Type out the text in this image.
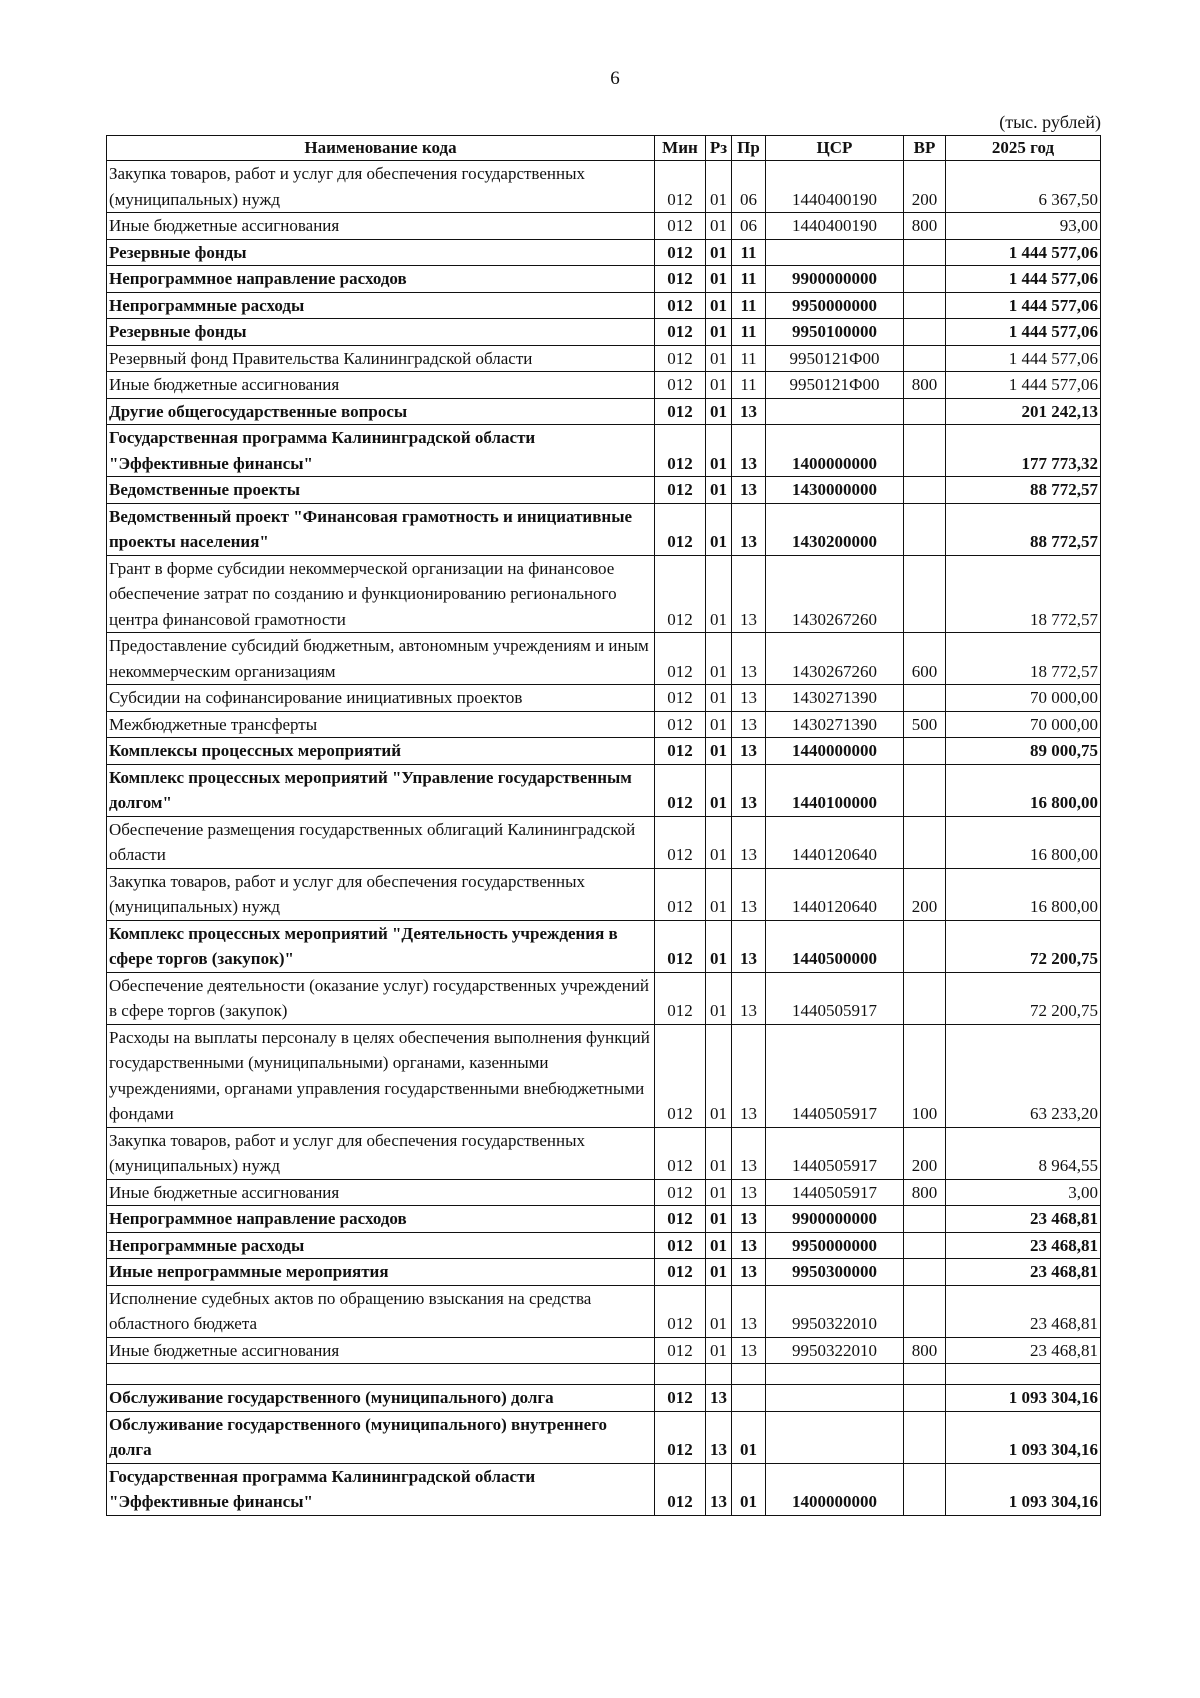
6
(тыс. рублей)
Наименование кода	Мин	Рз	Пр	ЦСР	ВР	2025 год
Закупка товаров, работ и услуг для обеспечения государственных (муниципальных) нужд	012	01	06	1440400190	200	6 367,50
Иные бюджетные ассигнования	012	01	06	1440400190	800	93,00
Резервные фонды	012	01	11			1 444 577,06
Непрограммное направление расходов	012	01	11	9900000000		1 444 577,06
Непрограммные расходы	012	01	11	9950000000		1 444 577,06
Резервные фонды	012	01	11	9950100000		1 444 577,06
Резервный фонд Правительства Калининградской области	012	01	11	9950121Ф00		1 444 577,06
Иные бюджетные ассигнования	012	01	11	9950121Ф00	800	1 444 577,06
Другие общегосударственные вопросы	012	01	13			201 242,13
Государственная программа Калининградской области "Эффективные финансы"	012	01	13	1400000000		177 773,32
Ведомственные проекты	012	01	13	1430000000		88 772,57
Ведомственный проект "Финансовая грамотность и инициативные проекты населения"	012	01	13	1430200000		88 772,57
Грант в форме субсидии некоммерческой организации на финансовое обеспечение затрат по созданию и функционированию регионального центра финансовой грамотности	012	01	13	1430267260		18 772,57
Предоставление субсидий бюджетным, автономным учреждениям и иным некоммерческим организациям	012	01	13	1430267260	600	18 772,57
Субсидии на софинансирование инициативных проектов	012	01	13	1430271390		70 000,00
Межбюджетные трансферты	012	01	13	1430271390	500	70 000,00
Комплексы процессных мероприятий	012	01	13	1440000000		89 000,75
Комплекс процессных мероприятий "Управление государственным долгом"	012	01	13	1440100000		16 800,00
Обеспечение размещения государственных облигаций Калининградской области	012	01	13	1440120640		16 800,00
Закупка товаров, работ и услуг для обеспечения государственных (муниципальных) нужд	012	01	13	1440120640	200	16 800,00
Комплекс процессных мероприятий "Деятельность учреждения в сфере торгов (закупок)"	012	01	13	1440500000		72 200,75
Обеспечение деятельности (оказание услуг) государственных учреждений в сфере торгов (закупок)	012	01	13	1440505917		72 200,75
Расходы на выплаты персоналу в целях обеспечения выполнения функций государственными (муниципальными) органами, казенными учреждениями, органами управления государственными внебюджетными фондами	012	01	13	1440505917	100	63 233,20
Закупка товаров, работ и услуг для обеспечения государственных (муниципальных) нужд	012	01	13	1440505917	200	8 964,55
Иные бюджетные ассигнования	012	01	13	1440505917	800	3,00
Непрограммное направление расходов	012	01	13	9900000000		23 468,81
Непрограммные расходы	012	01	13	9950000000		23 468,81
Иные непрограммные мероприятия	012	01	13	9950300000		23 468,81
Исполнение судебных актов по обращению взыскания на средства областного бюджета	012	01	13	9950322010		23 468,81
Иные бюджетные ассигнования	012	01	13	9950322010	800	23 468,81

Обслуживание государственного (муниципального) долга	012	13				1 093 304,16
Обслуживание государственного (муниципального) внутреннего долга	012	13	01			1 093 304,16
Государственная программа Калининградской области "Эффективные финансы"	012	13	01	1400000000		1 093 304,16
